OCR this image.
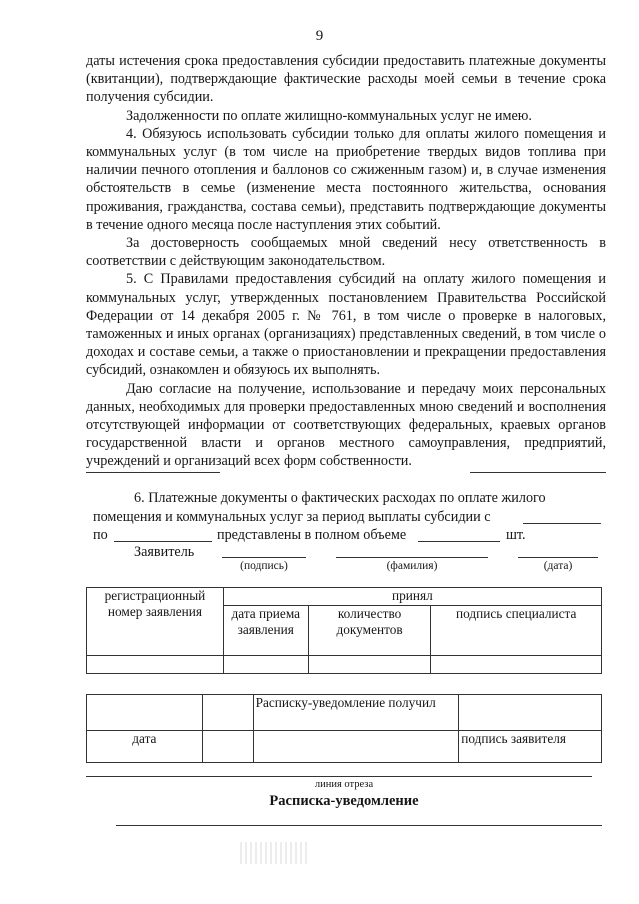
9

даты истечения срока предоставления субсидии предоставить платежные документы (квитанции), подтверждающие фактические расходы моей семьи в течение срока получения субсидии.

Задолженности по оплате жилищно-коммунальных услуг не имею.

4. Обязуюсь использовать субсидии только для оплаты жилого помещения и коммунальных услуг (в том числе на приобретение твердых видов топлива при наличии печного отопления и баллонов со сжиженным газом) и, в случае изменения обстоятельств в семье (изменение места постоянного жительства, основания проживания, гражданства, состава семьи), представить подтверждающие документы в течение одного месяца после наступления этих событий.

За достоверность сообщаемых мной сведений несу ответственность в соответствии с действующим законодательством.

5. С Правилами предоставления субсидий на оплату жилого помещения и коммунальных услуг, утвержденных постановлением Правительства Российской Федерации от 14 декабря 2005 г. № 761, в том числе о проверке в налоговых, таможенных и иных органах (организациях) представленных сведений, в том числе о доходах и составе семьи, а также о приостановлении и прекращении предоставления субсидий, ознакомлен и обязуюсь их выполнять.

Даю согласие на получение, использование и передачу моих персональных данных, необходимых для проверки предоставленных мною сведений и восполнения отсутствующей информации от соответствующих федеральных, краевых органов государственной власти и органов местного самоуправления, предприятий, учреждений и организаций всех форм собственности.

6. Платежные документы о фактических расходах по оплате жилого
помещения и коммунальных услуг за период выплаты субсидии с
по	представлены в полном объеме	шт.
Заявитель
(подпись)	(фамилия)	(дата)
регистрационный номер заявления	принял		
	дата приема заявления	количество документов	подпись специалиста

		Расписку-уведомление получил	
дата			подпись заявителя
линия отреза
Расписка-уведомление
